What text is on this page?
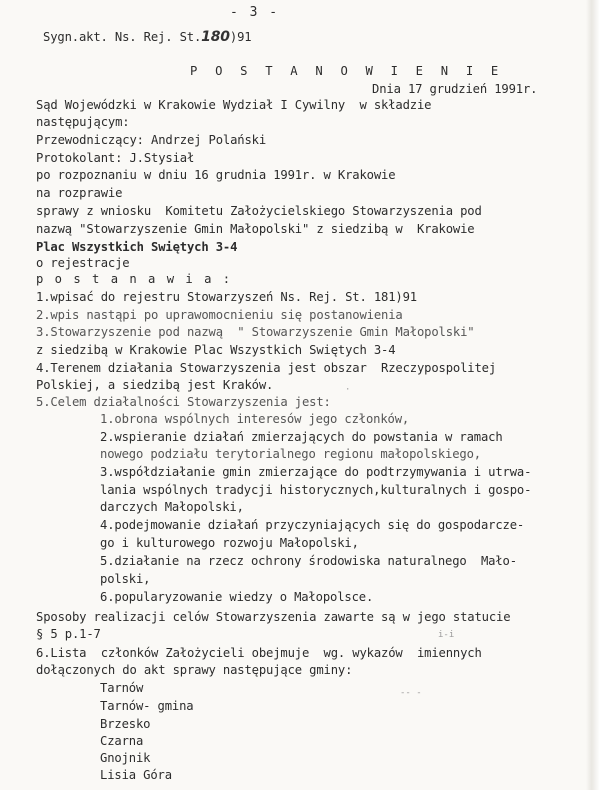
- 3 -
Sygn.akt. Ns. Rej. St.180)91
P O S T A N O W I E N I E
Dnia 17 grudzień 1991r.
Sąd Wojewódzki w Krakowie Wydział I Cywilny  w składzie
następującym:
Przewodniczący: Andrzej Polański
Protokolant: J.Stysiał
po rozpoznaniu w dniu 16 grudnia 1991r. w Krakowie
na rozprawie
sprawy z wniosku  Komitetu Założycielskiego Stowarzyszenia pod
nazwą "Stowarzyszenie Gmin Małopolski" z siedzibą w  Krakowie
Plac Wszystkich Swiętych 3-4
o rejestracje
p o s t a n a w i a :
1.wpisać do rejestru Stowarzyszeń Ns. Rej. St. 181)91
2.wpis nastąpi po uprawomocnieniu się postanowienia
3.Stowarzyszenie pod nazwą  " Stowarzyszenie Gmin Małopolski"
z siedzibą w Krakowie Plac Wszystkich Swiętych 3-4
4.Terenem działania Stowarzyszenia jest obszar  Rzeczypospolitej
Polskiej, a siedzibą jest Kraków.
5.Celem działalności Stowarzyszenia jest:
1.obrona wspólnych interesów jego członków,
2.wspieranie działań zmierzających do powstania w ramach
nowego podziału terytorialnego regionu małopolskiego,
3.współdziałanie gmin zmierzające do podtrzymywania i utrwa-
lania wspólnych tradycji historycznych,kulturalnych i gospo-
darczych Małopolski,
4.podejmowanie działań przyczyniających się do gospodarcze-
go i kulturowego rozwoju Małopolski,
5.działanie na rzecz ochrony środowiska naturalnego  Mało-
polski,
6.popularyzowanie wiedzy o Małopolsce.
Sposoby realizacji celów Stowarzyszenia zawarte są w jego statucie
§ 5 p.1-7
6.Lista  członków Założycieli obejmuje  wg. wykazów  imiennych
dołączonych do akt sprawy następujące gminy:
Tarnów
Tarnów- gmina
Brzesko
Czarna
Gnojnik
Lisia Góra
·
i-i
-- -
